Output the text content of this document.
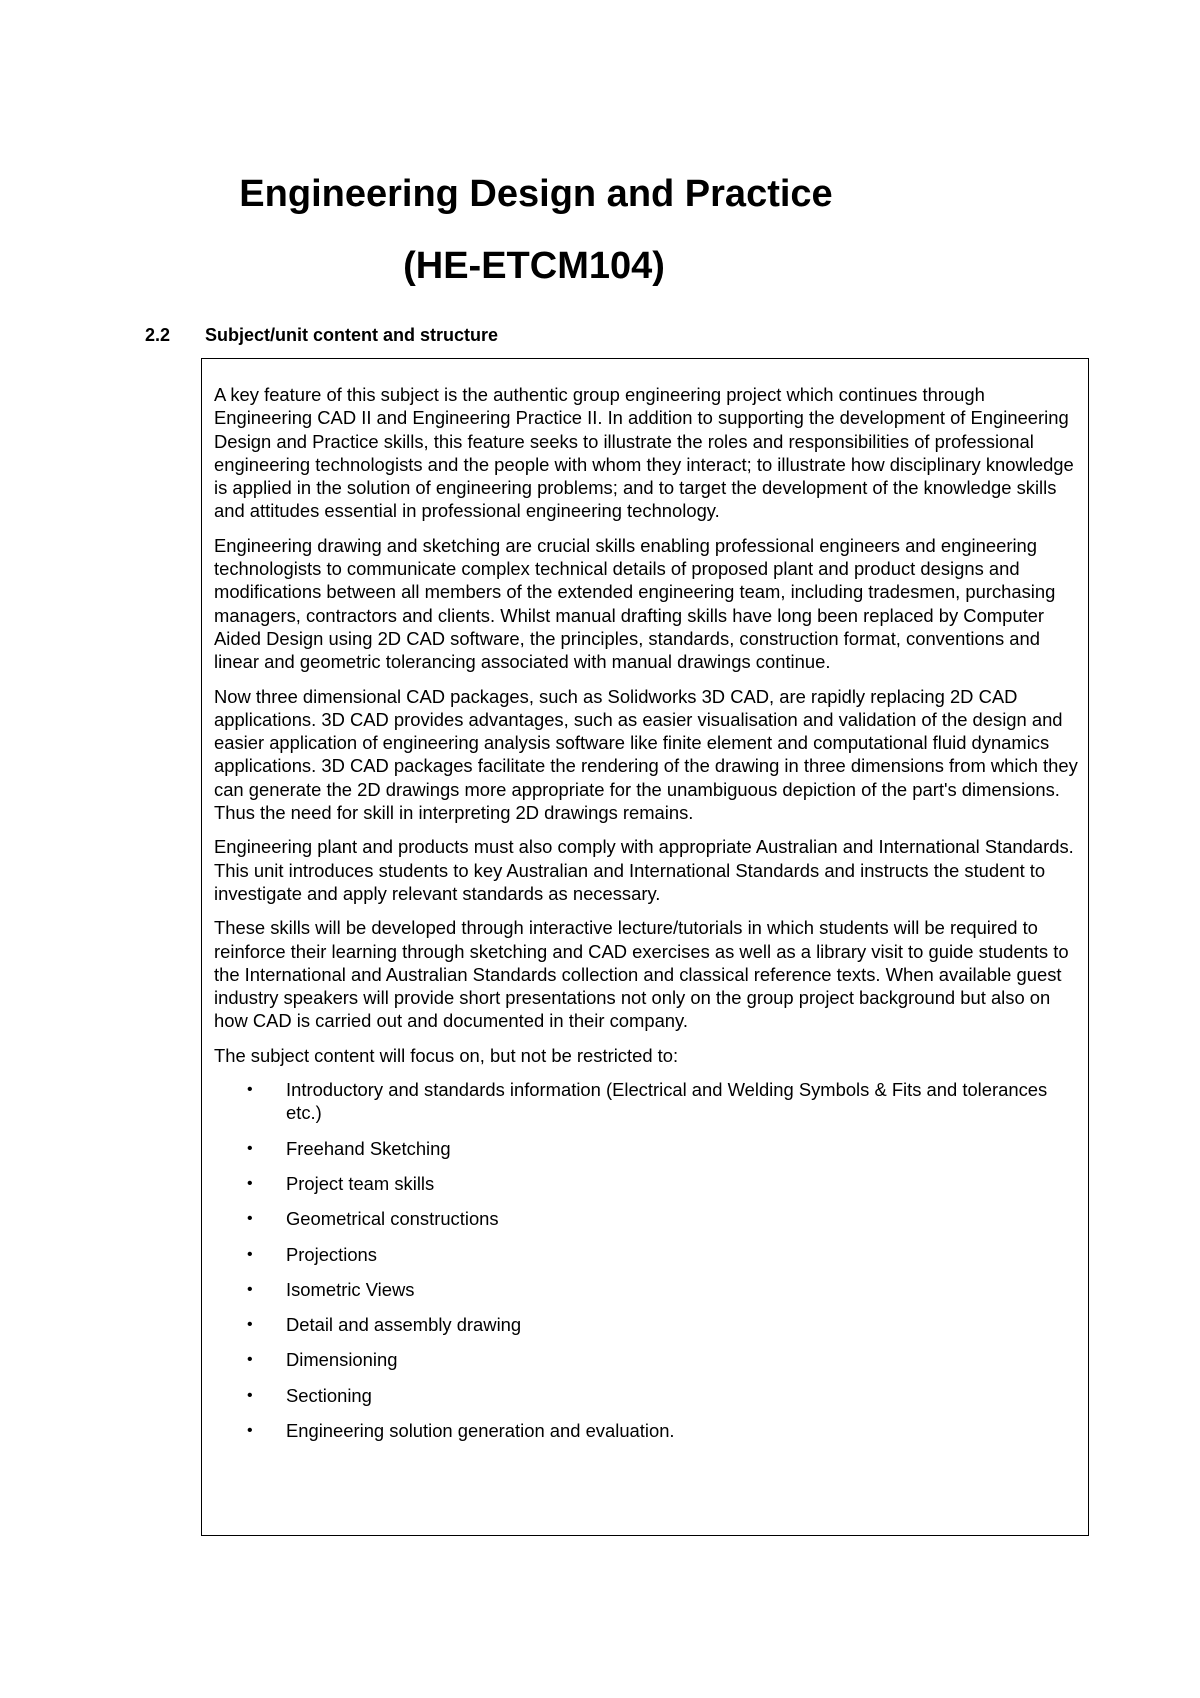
Engineering Design and Practice
(HE-ETCM104)
2.2 Subject/unit content and structure

A key feature of this subject is the authentic group engineering project which continues through Engineering CAD II and Engineering Practice II. In addition to supporting the development of Engineering Design and Practice skills, this feature seeks to illustrate the roles and responsibilities of professional engineering technologists and the people with whom they interact; to illustrate how disciplinary knowledge is applied in the solution of engineering problems; and to target the development of the knowledge skills and attitudes essential in professional engineering technology.

Engineering drawing and sketching are crucial skills enabling professional engineers and engineering technologists to communicate complex technical details of proposed plant and product designs and modifications between all members of the extended engineering team, including tradesmen, purchasing managers, contractors and clients. Whilst manual drafting skills have long been replaced by Computer Aided Design using 2D CAD software, the principles, standards, construction format, conventions and linear and geometric tolerancing associated with manual drawings continue.

Now three dimensional CAD packages, such as Solidworks 3D CAD, are rapidly replacing 2D CAD applications. 3D CAD provides advantages, such as easier visualisation and validation of the design and easier application of engineering analysis software like finite element and computational fluid dynamics applications. 3D CAD packages facilitate the rendering of the drawing in three dimensions from which they can generate the 2D drawings more appropriate for the unambiguous depiction of the part's dimensions. Thus the need for skill in interpreting 2D drawings remains.

Engineering plant and products must also comply with appropriate Australian and International Standards. This unit introduces students to key Australian and International Standards and instructs the student to investigate and apply relevant standards as necessary.

These skills will be developed through interactive lecture/tutorials in which students will be required to reinforce their learning through sketching and CAD exercises as well as a library visit to guide students to the International and Australian Standards collection and classical reference texts. When available guest industry speakers will provide short presentations not only on the group project background but also on how CAD is carried out and documented in their company.

The subject content will focus on, but not be restricted to:

• Introductory and standards information (Electrical and Welding Symbols & Fits and tolerances etc.)
• Freehand Sketching
• Project team skills
• Geometrical constructions
• Projections
• Isometric Views
• Detail and assembly drawing
• Dimensioning
• Sectioning
• Engineering solution generation and evaluation.
